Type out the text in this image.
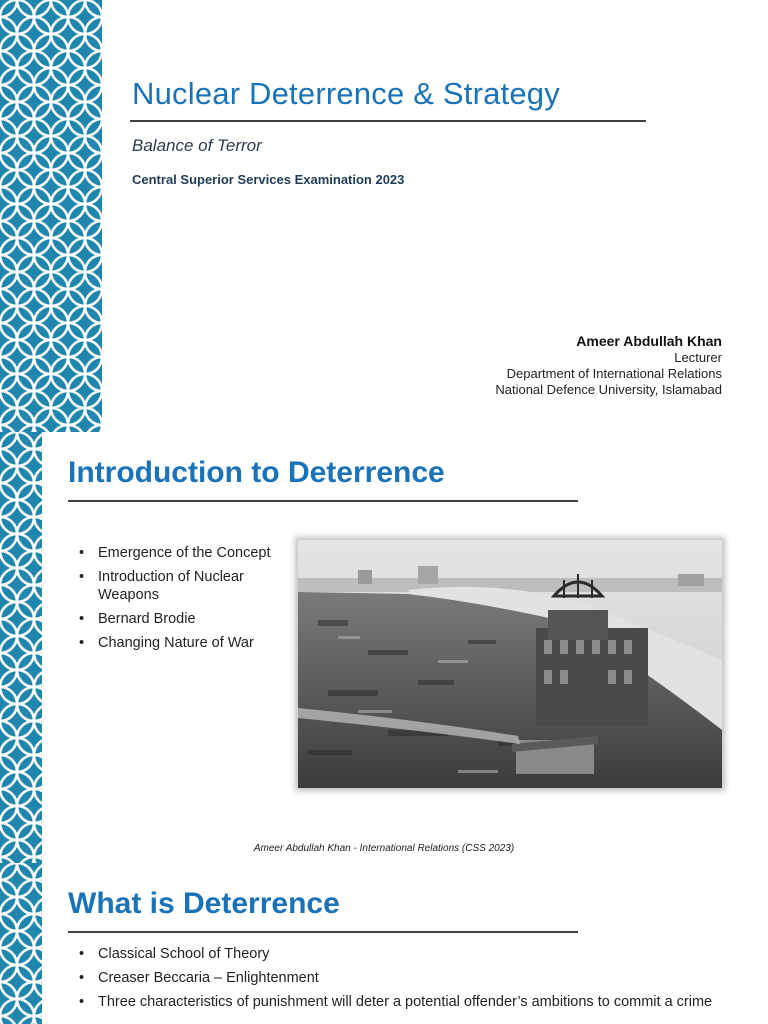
Nuclear Deterrence & Strategy
Balance of Terror
Central Superior Services Examination 2023
Ameer Abdullah Khan
Lecturer
Department of International Relations
National Defence University, Islamabad
Introduction to Deterrence
• Emergence of the Concept
• Introduction of Nuclear Weapons
• Bernard Brodie
• Changing Nature of War
Ameer Abdullah Khan - International Relations (CSS 2023)
What is Deterrence
• Classical School of Theory
• Creaser Beccaria – Enlightenment
• Three characteristics of punishment will deter a potential offender’s ambitions to commit a crime
